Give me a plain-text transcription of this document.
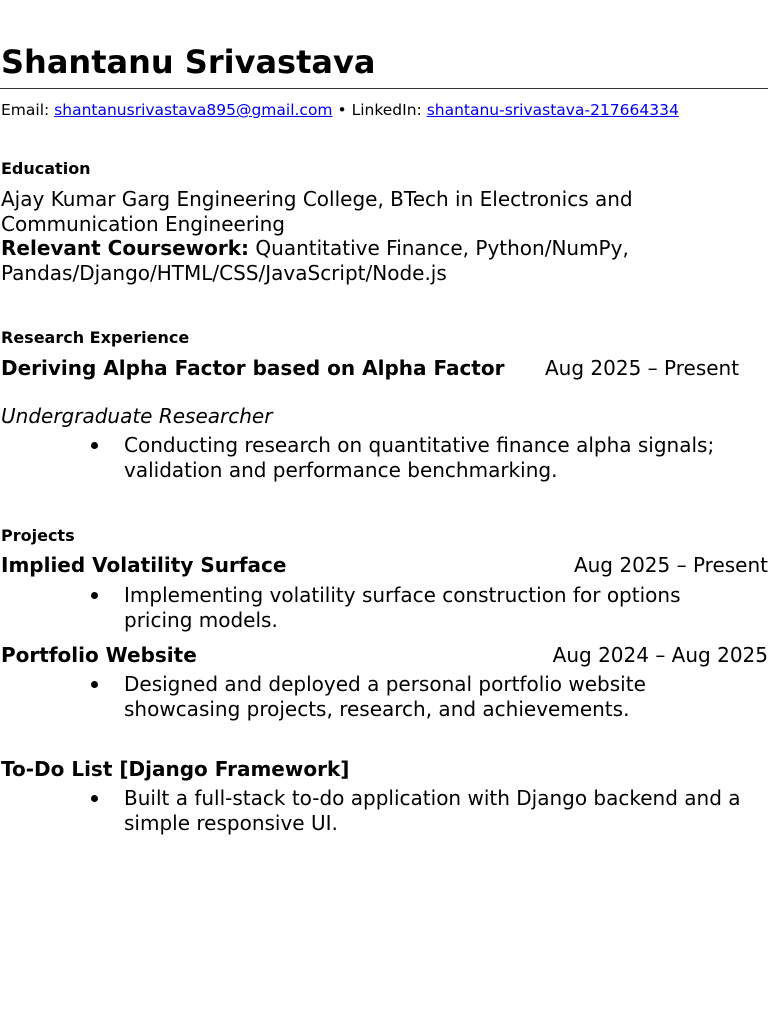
Shantanu Srivastava
Email: shantanusrivastava895@gmail.com • LinkedIn: shantanu-srivastava-217664334
Education
Ajay Kumar Garg Engineering College, BTech in Electronics and Communication Engineering
Relevant Coursework: Quantitative Finance, Python/NumPy, Pandas/Django/HTML/CSS/JavaScript/Node.js
Research Experience
Deriving Alpha Factor based on Alpha Factor	Aug 2025 – Present
Undergraduate Researcher
Conducting research on quantitative finance alpha signals; validation and performance benchmarking.
Projects
Implied Volatility Surface	Aug 2025 – Present
Implementing volatility surface construction for options pricing models.
Portfolio Website	Aug 2024 – Aug 2025
Designed and deployed a personal portfolio website showcasing projects, research, and achievements.
To-Do List [Django Framework]
Built a full-stack to-do application with Django backend and a simple responsive UI.
